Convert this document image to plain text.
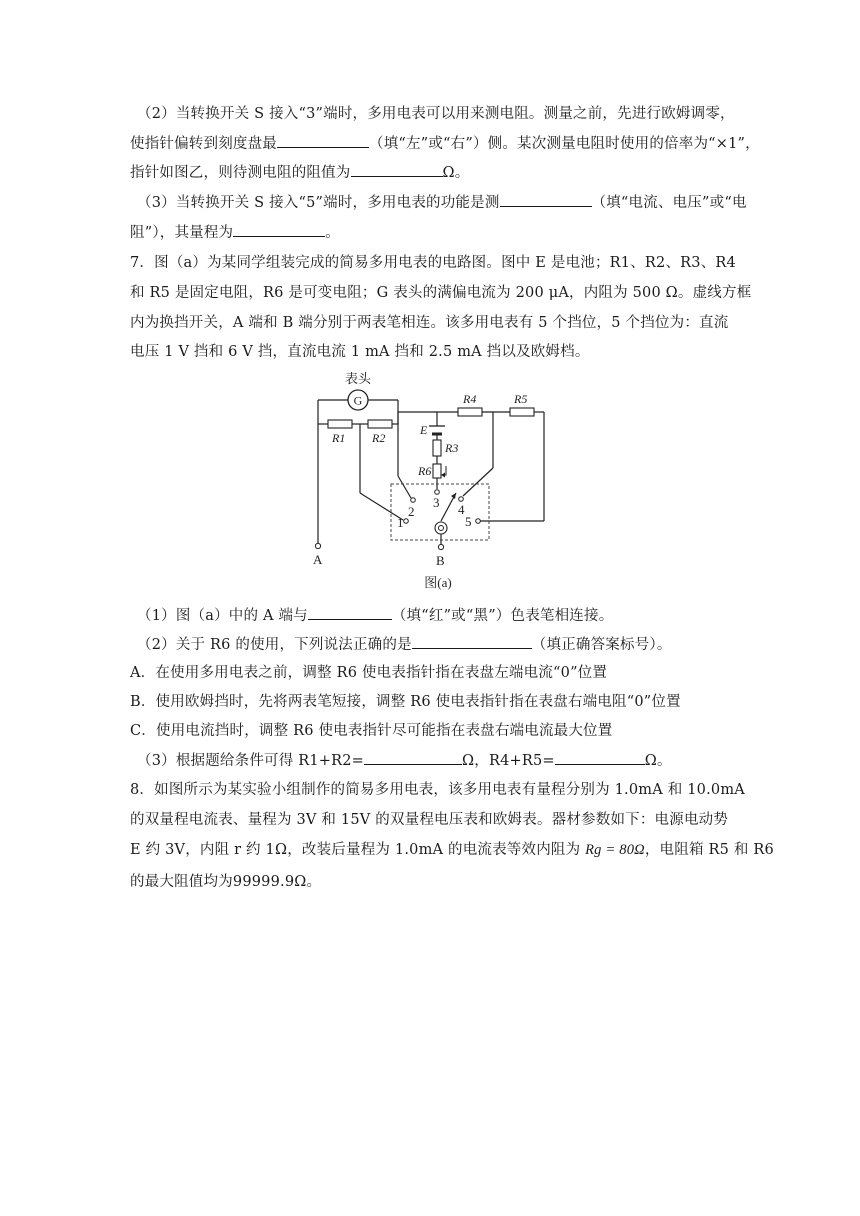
（2）当转换开关 S 接入“3”端时，多用电表可以用来测电阻。测量之前，先进行欧姆调零，
使指针偏转到刻度盘最	（填“左”或“右”）侧。某次测量电阻时使用的倍率为“×1”，
指针如图乙，则待测电阻的阻值为	Ω。
（3）当转换开关 S 接入“5”端时，多用电表的功能是测	（填“电流、电压”或“电
阻”），其量程为	。
7．图（a）为某同学组装完成的简易多用电表的电路图。图中 E 是电池；R1、R2、R3、R4
和 R5 是固定电阻，R6 是可变电阻；G 表头的满偏电流为 200 μA，内阻为 500 Ω。虚线方框
内为换挡开关，A 端和 B 端分别于两表笔相连。该多用电表有 5 个挡位，5 个挡位为：直流
电压 1 V 挡和 6 V 挡，直流电流 1 mA 挡和 2.5 mA 挡以及欧姆档。
G
表头
R1 R2
R4	R5
R3
R6
E
1
2
3 4
5
A	B
图(a)
（1）图（a）中的 A 端与	（填“红”或“黑”）色表笔相连接。
（2）关于 R6 的使用，下列说法正确的是	（填正确答案标号）。
A．在使用多用电表之前，调整 R6 使电表指针指在表盘左端电流“0”位置
B．使用欧姆挡时，先将两表笔短接，调整 R6 使电表指针指在表盘右端电阻“0”位置
C．使用电流挡时，调整 R6 使电表指针尽可能指在表盘右端电流最大位置
（3）根据题给条件可得 R1+R2=	Ω，R4+R5=	Ω。
8．如图所示为某实验小组制作的简易多用电表，该多用电表有量程分别为 1.0mA 和 10.0mA
的双量程电流表、量程为 3V 和 15V 的双量程电压表和欧姆表。器材参数如下：电源电动势
E 约 3V，内阻 r 约 1Ω，改装后量程为 1.0mA 的电流表等效内阻为 Rg = 80Ω，电阻箱 R5 和 R6
的最大阻值均为99999.9Ω。
